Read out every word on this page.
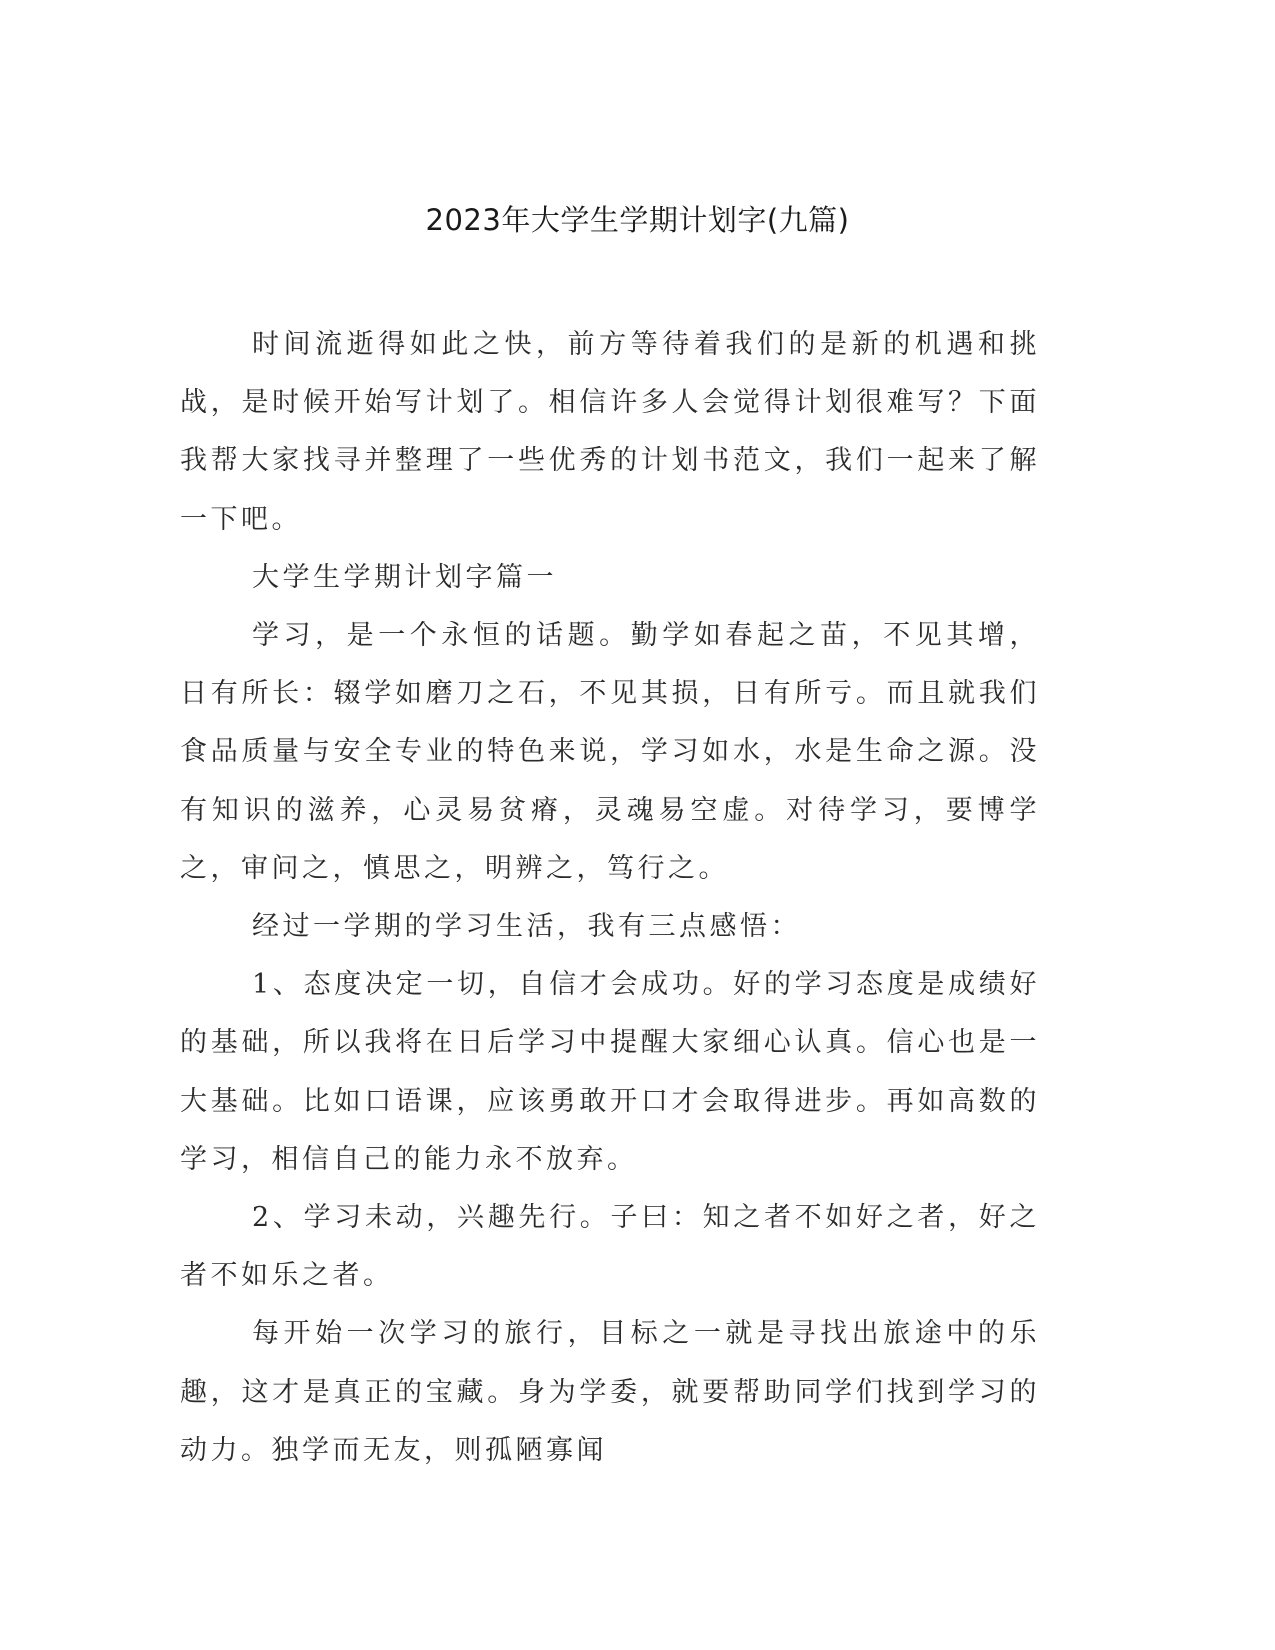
2023年大学生学期计划字(九篇)

时间流逝得如此之快，前方等待着我们的是新的机遇和挑战，是时候开始写计划了。相信许多人会觉得计划很难写？下面我帮大家找寻并整理了一些优秀的计划书范文，我们一起来了解一下吧。

大学生学期计划字篇一

学习，是一个永恒的话题。勤学如春起之苗，不见其增，日有所长：辍学如磨刀之石，不见其损，日有所亏。而且就我们食品质量与安全专业的特色来说，学习如水，水是生命之源。没有知识的滋养，心灵易贫瘠，灵魂易空虚。对待学习，要博学之，审问之，慎思之，明辨之，笃行之。

经过一学期的学习生活，我有三点感悟：

1、态度决定一切，自信才会成功。好的学习态度是成绩好的基础，所以我将在日后学习中提醒大家细心认真。信心也是一大基础。比如口语课，应该勇敢开口才会取得进步。再如高数的学习，相信自己的能力永不放弃。

2、学习未动，兴趣先行。子曰：知之者不如好之者，好之者不如乐之者。

每开始一次学习的旅行，目标之一就是寻找出旅途中的乐趣，这才是真正的宝藏。身为学委，就要帮助同学们找到学习的动力。独学而无友，则孤陋寡闻
